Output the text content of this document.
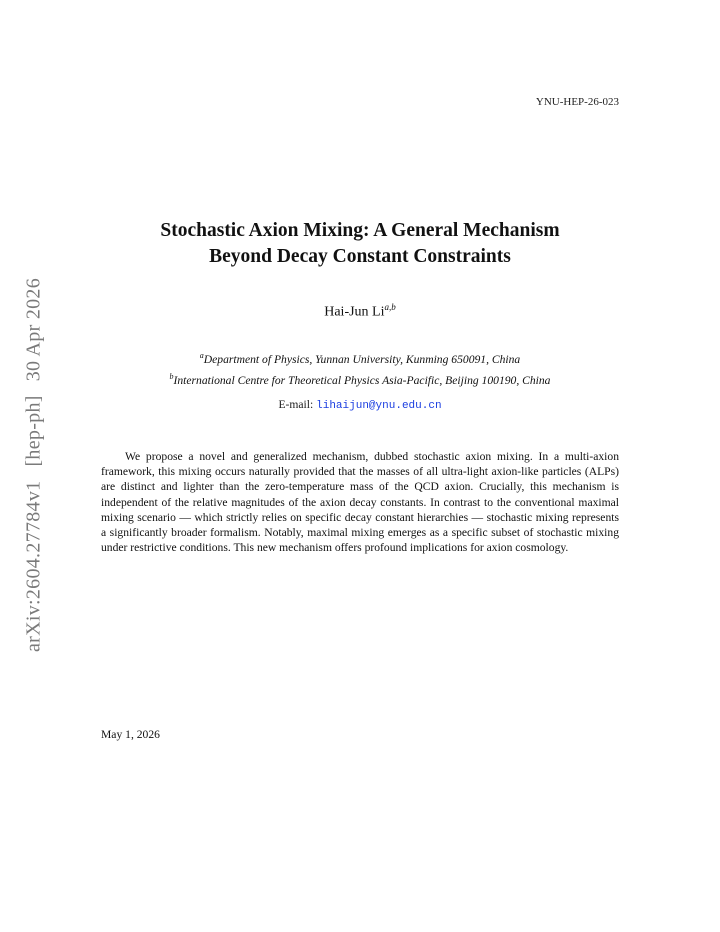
YNU-HEP-26-023
arXiv:2604.27784v1
[hep-ph]
30 Apr 2026
Stochastic Axion Mixing: A General Mechanism
Beyond Decay Constant Constraints
Hai-Jun Li$^{a,b}$
$^a$Department of Physics, Yunnan University, Kunming 650091, China
$^b$International Centre for Theoretical Physics Asia-Pacific, Beijing 100190, China
E-mail: lihaijun@ynu.edu.cn

We propose a novel and generalized mechanism, dubbed stochastic axion mixing. In a multi-axion framework, this mixing occurs naturally provided that the masses of all ultra-light axion-like particles (ALPs) are distinct and lighter than the zero-temperature mass of the QCD axion. Crucially, this mechanism is independent of the relative magnitudes of the axion decay constants. In contrast to the conventional maximal mixing scenario — which strictly relies on specific decay constant hierarchies — stochastic mixing represents a significantly broader formalism. Notably, maximal mixing emerges as a specific subset of stochastic mixing under restrictive conditions. This new mechanism offers profound implications for axion cosmology.

May 1, 2026
